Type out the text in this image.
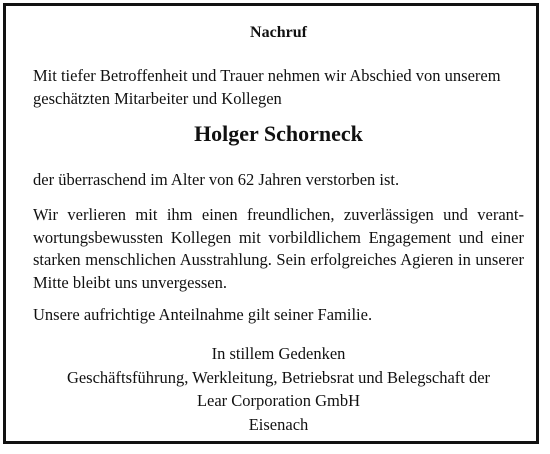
Nachruf

Mit tiefer Betroffenheit und Trauer nehmen wir Abschied von unserem geschätzten Mitarbeiter und Kollegen

Holger Schorneck

der überraschend im Alter von 62 Jahren verstorben ist.

Wir verlieren mit ihm einen freundlichen, zuverlässigen und verant-wortungsbewussten Kollegen mit vorbildlichem Engagement und einer starken menschlichen Ausstrahlung. Sein erfolgreiches Agieren in unserer Mitte bleibt uns unvergessen.

Unsere aufrichtige Anteilnahme gilt seiner Familie.

In stillem Gedenken
Geschäftsführung, Werkleitung, Betriebsrat und Belegschaft der
Lear Corporation GmbH
Eisenach
